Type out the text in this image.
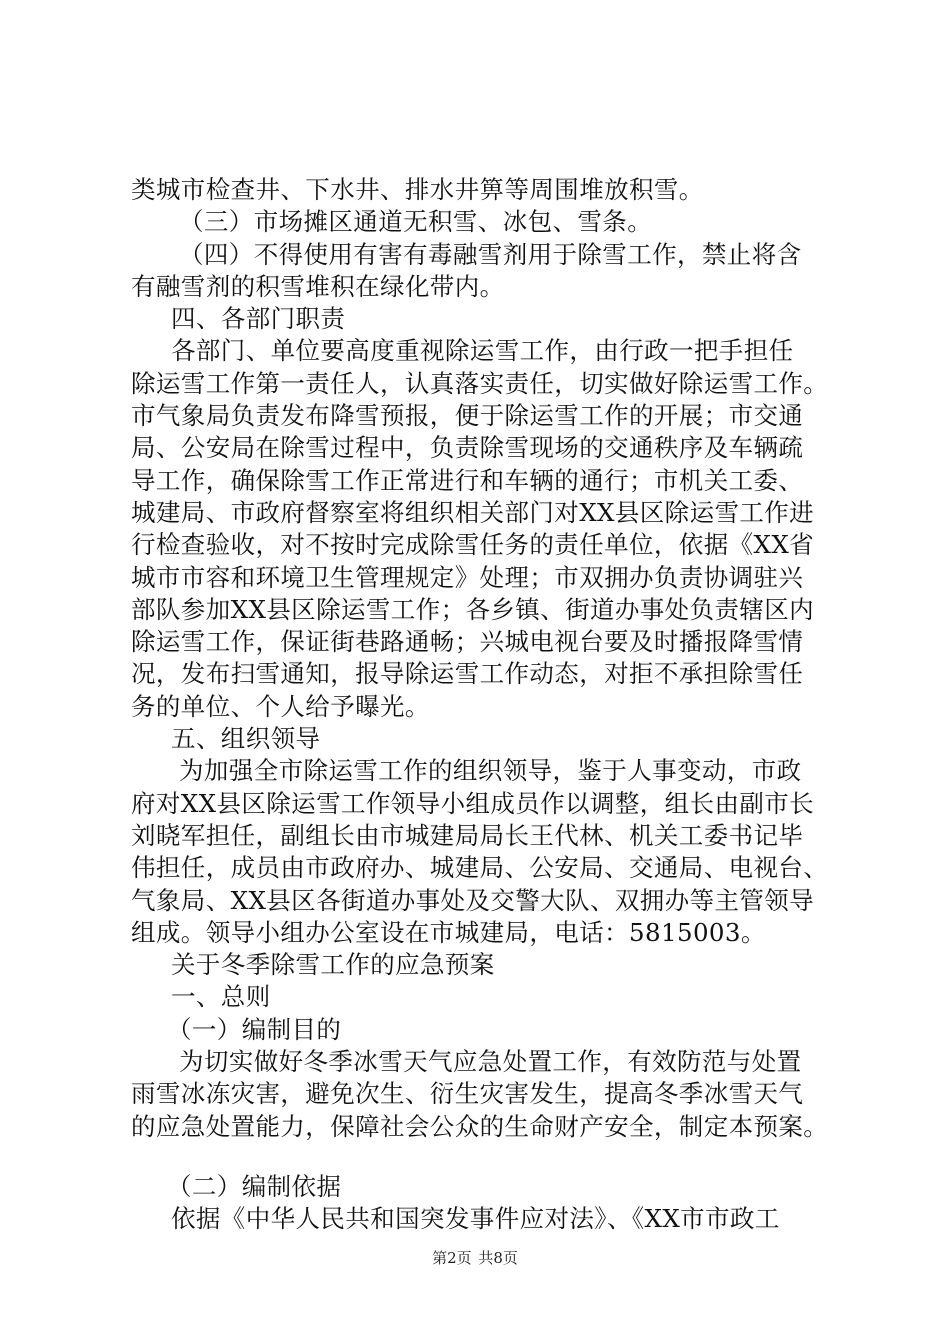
类城市检查井、下水井、排水井箅等周围堆放积雪。
（三）市场摊区通道无积雪、冰包、雪条。
（四）不得使用有害有毒融雪剂用于除雪工作，禁止将含
有融雪剂的积雪堆积在绿化带内。
四、各部门职责
各部门、单位要高度重视除运雪工作，由行政一把手担任
除运雪工作第一责任人，认真落实责任，切实做好除运雪工作。
市气象局负责发布降雪预报，便于除运雪工作的开展；市交通
局、公安局在除雪过程中，负责除雪现场的交通秩序及车辆疏
导工作，确保除雪工作正常进行和车辆的通行；市机关工委、
城建局、市政府督察室将组织相关部门对XX县区除运雪工作进
行检查验收，对不按时完成除雪任务的责任单位，依据《XX省
城市市容和环境卫生管理规定》处理；市双拥办负责协调驻兴
部队参加XX县区除运雪工作；各乡镇、街道办事处负责辖区内
除运雪工作，保证街巷路通畅；兴城电视台要及时播报降雪情
况，发布扫雪通知，报导除运雪工作动态，对拒不承担除雪任
务的单位、个人给予曝光。
五、组织领导
为加强全市除运雪工作的组织领导，鉴于人事变动，市政
府对XX县区除运雪工作领导小组成员作以调整，组长由副市长
刘晓军担任，副组长由市城建局局长王代林、机关工委书记毕
伟担任，成员由市政府办、城建局、公安局、交通局、电视台、
气象局、XX县区各街道办事处及交警大队、双拥办等主管领导
组成。领导小组办公室设在市城建局，电话：5815003。
关于冬季除雪工作的应急预案
一、总则
（一）编制目的
为切实做好冬季冰雪天气应急处置工作，有效防范与处置
雨雪冰冻灾害，避免次生、衍生灾害发生，提高冬季冰雪天气
的应急处置能力，保障社会公众的生命财产安全，制定本预案。
（二）编制依据
依据《中华人民共和国突发事件应对法》、《XX市市政工
第2页 共8页
